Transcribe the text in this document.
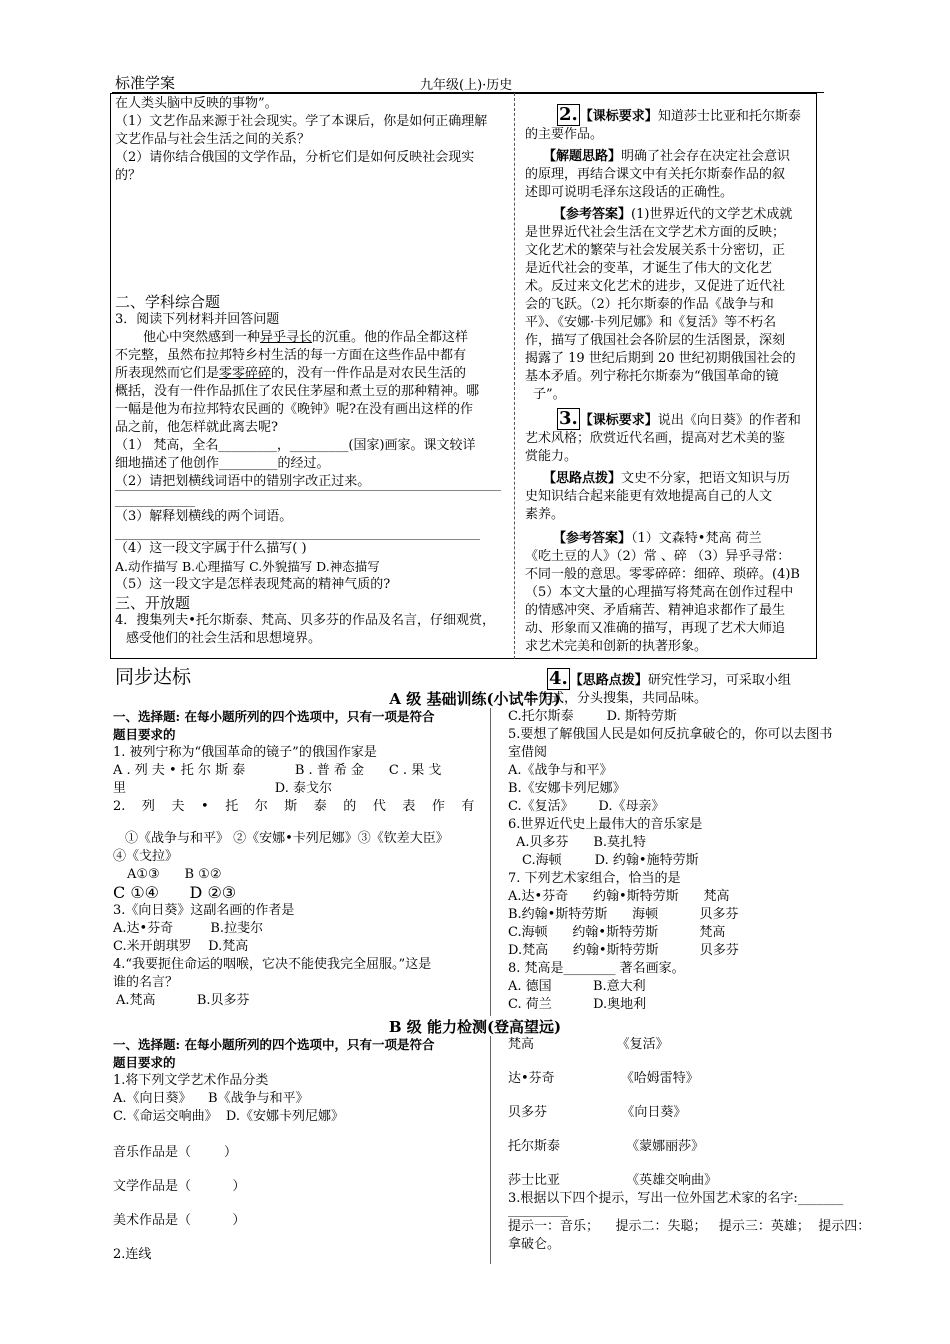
标准学案	九年级(上)·历史

在人类头脑中反映的事物”。

（1）文艺作品来源于社会现实。学了本课后，你是如何正确理解

文艺作品与社会生活之间的关系？

（2）请你结合俄国的文学作品，分析它们是如何反映社会现实

的？

二、学科综合题

3．阅读下列材料并回答问题

他心中突然感到一种异乎寻长的沉重。他的作品全都这样

不完整，虽然布拉邦特乡村生活的每一方面在这些作品中都有

所表现然而它们是零零碎碎的，没有一件作品是对农民生活的

概括，没有一件作品抓住了农民住茅屋和煮土豆的那种精神。哪

一幅是他为布拉邦特农民画的《晚钟》呢?在没有画出这样的作

品之前，他怎样就此离去呢?

（1） 梵高，全名_________，_________(国家)画家。课文较详

细地描述了他创作_________的经过。

（2）请把划横线词语中的错别字改正过来。

（3）解释划横线的两个词语。

（4）这一段文字属于什么描写( )

A.动作描写 B.心理描写 C.外貌描写 D.神态描写

（5）这一段文字是怎样表现梵高的精神气质的?

三、开放题

4．搜集列夫•托尔斯泰、梵高、贝多芬的作品及名言，仔细观赏，

感受他们的社会生活和思想境界。

2. 【课标要求】知道莎士比亚和托尔斯泰

的主要作品。

【解题思路】明确了社会存在决定社会意识

的原理，再结合课文中有关托尔斯泰作品的叙

述即可说明毛泽东这段话的正确性。

【参考答案】(1)世界近代的文学艺术成就

是世界近代社会生活在文学艺术方面的反映；

文化艺术的繁荣与社会发展关系十分密切，正

是近代社会的变革，才诞生了伟大的文化艺

术。反过来文化艺术的进步，又促进了近代社

会的飞跃。（2）托尔斯泰的作品《战争与和

平》、《安娜·卡列尼娜》和《复活》等不朽名

作，描写了俄国社会各阶层的生活图景，深刻

揭露了 19 世纪后期到 20 世纪初期俄国社会的

基本矛盾。列宁称托尔斯泰为“俄国革命的镜

子”。

3. 【课标要求】说出《向日葵》的作者和

艺术风格；欣赏近代名画，提高对艺术美的鉴

赏能力。

【思路点拨】文史不分家，把语文知识与历

史知识结合起来能更有效地提高自己的人文

素养。

【参考答案】（1）文森特•梵高 荷兰

《吃土豆的人》（2）常 、碎 （3）异乎寻常：

不同一般的意思。零零碎碎：细碎、琐碎。(4)B

（5）本文大量的心理描写将梵高在创作过程中

的情感冲突、矛盾痛苦、精神追求都作了最生

动、形象而又准确的描写，再现了艺术大师追

求艺术完美和创新的执著形象。

4. 【思路点拨】研究性学习，可采取小组

合作式，分头搜集，共同品味。

同步达标
A 级 基础训练(小试牛刀)

一、选择题: 在每小题所列的四个选项中，只有一项是符合

题目要求的

1. 被列宁称为“俄国革命的镜子”的俄国作家是

A . 列 夫 • 托 尔 斯 泰            B . 普 希 金      C . 果 戈

里                                    D. 泰戈尔

2.    列    夫    •    托    尔    斯    泰    的    代    表    作    有

①《战争与和平》 ②《安娜•卡列尼娜》③《钦差大臣》

④《戈拉》

A①③      B ①②

C ①④      D ②③

3.《向日葵》这副名画的作者是

A.达•芬奇         B.拉斐尔

C.米开朗琪罗    D.梵高

4.“我要扼住命运的咽喉，它决不能使我完全屈服。”这是

谁的名言？

A.梵高          B.贝多芬

C.托尔斯泰        D. 斯特劳斯

5.要想了解俄国人民是如何反抗拿破仑的，你可以去图书

室借阅

A.《战争与和平》

B.《安娜卡列尼娜》

C.《复活》      D.《母亲》

6.世界近代史上最伟大的音乐家是

A.贝多芬      B.莫扎特

C.海顿        D. 约翰•施特劳斯

7. 下列艺术家组合，恰当的是

A.达•芬奇      约翰•斯特劳斯      梵高

B.约翰•斯特劳斯      海顿          贝多芬

C.海顿      约翰•斯特劳斯          梵高

D.梵高      约翰•斯特劳斯          贝多芬

8. 梵高是________ 著名画家。

A. 德国          B.意大利

C. 荷兰          D.奥地利

B 级 能力检测(登高望远)

一、选择题: 在每小题所列的四个选项中，只有一项是符合

题目要求的

1.将下列文学艺术作品分类

A.《向日葵》    B《战争与和平》

C.《命运交响曲》  D.《安娜卡列尼娜》

音乐作品是（        ）

文学作品是（          ）

美术作品是（          ）

2.连线

梵高                    《复活》

达•芬奇                《哈姆雷特》

贝多芬                  《向日葵》

托尔斯泰                《蒙娜丽莎》

莎士比亚                《英雄交响曲》

3.根据以下四个提示，写出一位外国艺术家的名字:_______

提示一：音乐；    提示二：失聪；   提示三：英雄；  提示四：

拿破仑。
